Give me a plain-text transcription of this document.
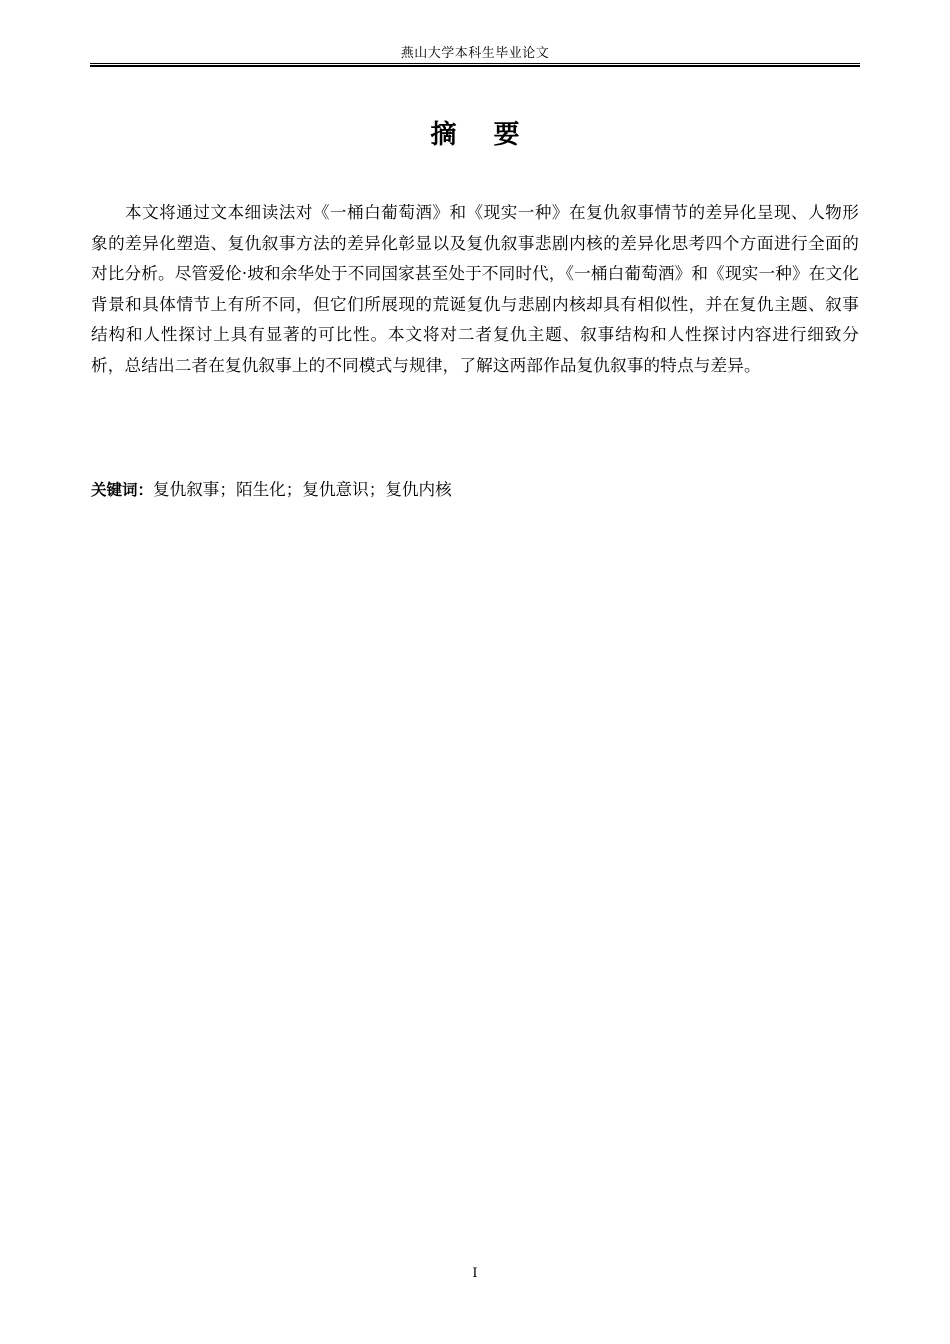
燕山大学本科生毕业论文
摘 要

本文将通过文本细读法对《一桶白葡萄酒》和《现实一种》在复仇叙事情节的差异化呈现、人物形象的差异化塑造、复仇叙事方法的差异化彰显以及复仇叙事悲剧内核的差异化思考四个方面进行全面的对比分析。尽管爱伦·坡和余华处于不同国家甚至处于不同时代，《一桶白葡萄酒》和《现实一种》在文化背景和具体情节上有所不同，但它们所展现的荒诞复仇与悲剧内核却具有相似性，并在复仇主题、叙事结构和人性探讨上具有显著的可比性。本文将对二者复仇主题、叙事结构和人性探讨内容进行细致分析，总结出二者在复仇叙事上的不同模式与规律，了解这两部作品复仇叙事的特点与差异。

关键词：复仇叙事；陌生化；复仇意识；复仇内核
I
